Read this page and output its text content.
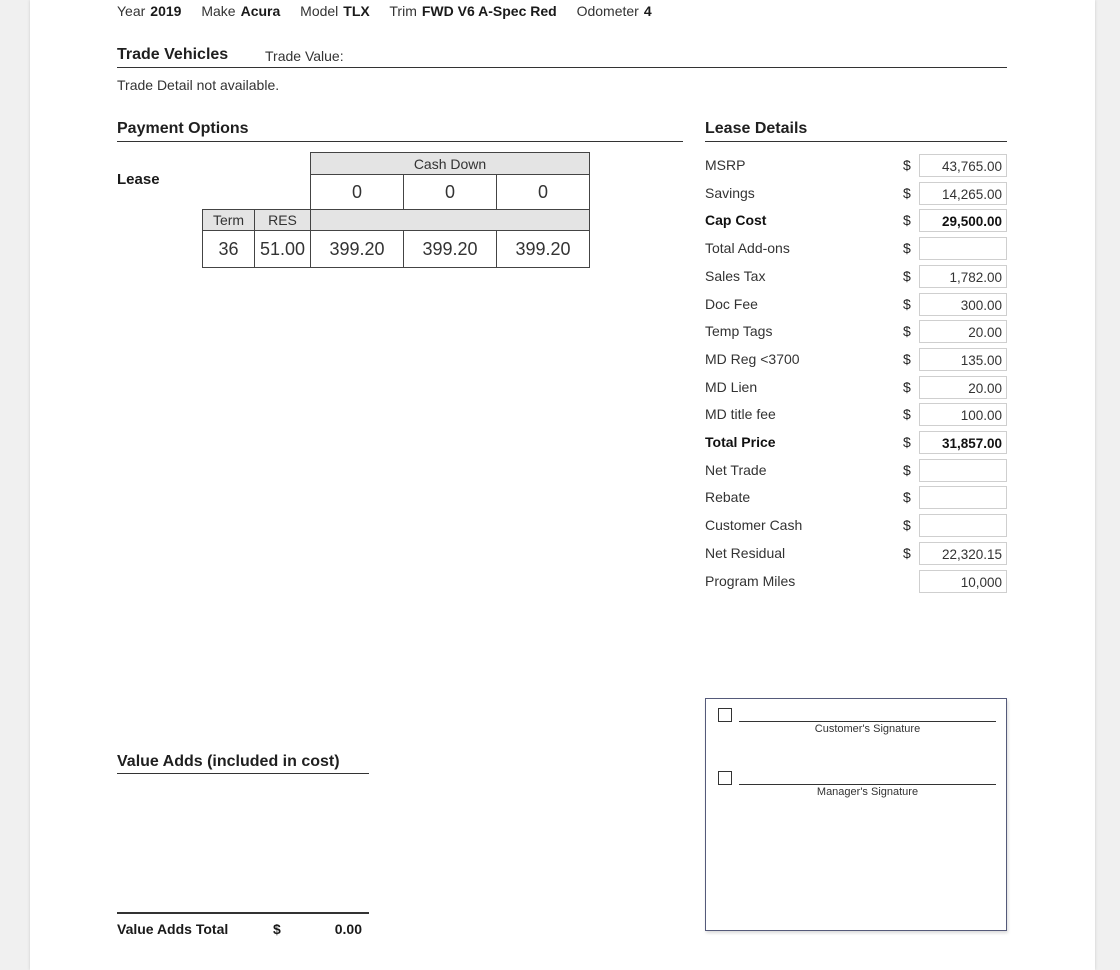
Year 2019 Make Acura Model TLX Trim FWD V6 A-Spec Red Odometer 4
Trade Vehicles	Trade Value:
Trade Detail not available.
Payment Options
Lease
Cash Down
0	0	0
Term	RES
36	51.00	399.20	399.20	399.20
Lease Details
MSRP	$	43,765.00
Savings	$	14,265.00
Cap Cost	$	29,500.00
Total Add-ons	$
Sales Tax	$	1,782.00
Doc Fee	$	300.00
Temp Tags	$	20.00
MD Reg <3700	$	135.00
MD Lien	$	20.00
MD title fee	$	100.00
Total Price	$	31,857.00
Net Trade	$
Rebate	$
Customer Cash	$
Net Residual	$	22,320.15
Program Miles	10,000
Value Adds (included in cost)
Value Adds Total	$	0.00
Customer's Signature
Manager's Signature
